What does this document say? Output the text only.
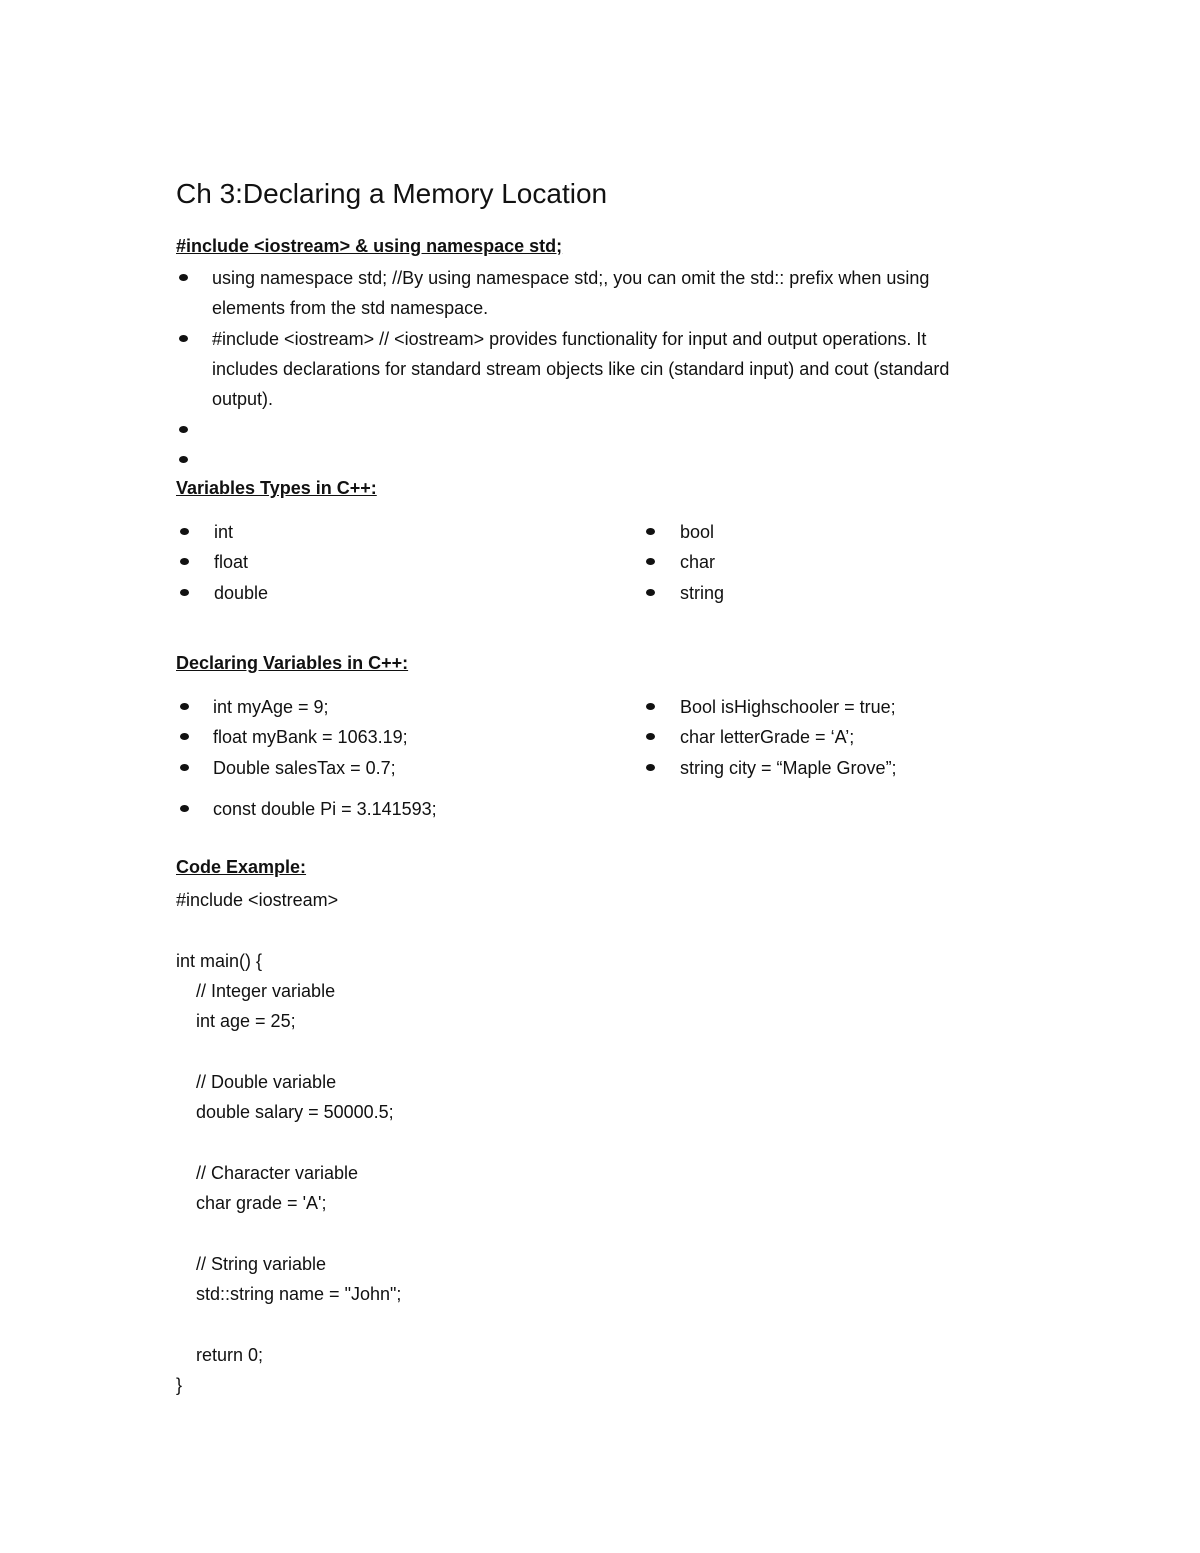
Ch 3:Declaring a Memory Location
#include <iostream> & using namespace std;
using namespace std; //By using namespace std;, you can omit the std:: prefix when using
elements from the std namespace.
#include <iostream> // <iostream> provides functionality for input and output operations. It
includes declarations for standard stream objects like cin (standard input) and cout (standard
output).
Variables Types in C++:
int
float
double
bool
char
string
Declaring Variables in C++:
int myAge = 9;
float myBank = 1063.19;
Double salesTax = 0.7;
Bool isHighschooler = true;
char letterGrade = ‘A’;
string city = “Maple Grove”;
const double Pi = 3.141593;
Code Example:
#include <iostream>
int main() {
// Integer variable
int age = 25;
// Double variable
double salary = 50000.5;
// Character variable
char grade = 'A';
// String variable
std::string name = "John";
return 0;
}
